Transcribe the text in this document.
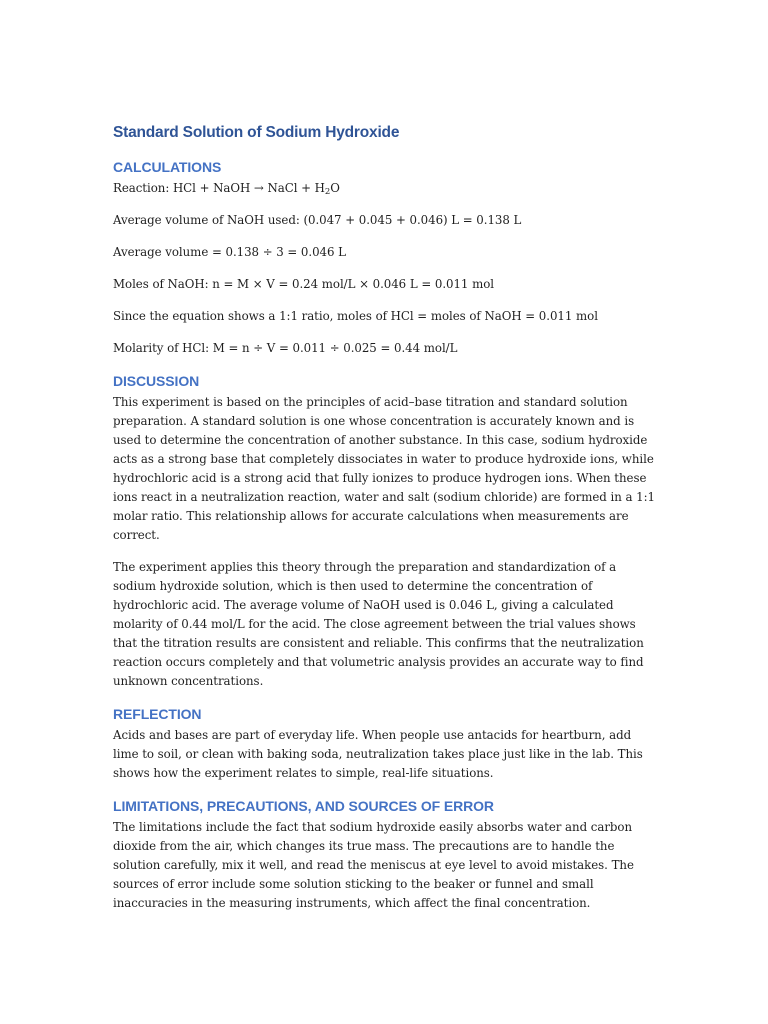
Standard Solution of Sodium Hydroxide
CALCULATIONS

Reaction: HCl + NaOH → NaCl + $H_2O$

Average volume of NaOH used: (0.047 + 0.045 + 0.046) L = 0.138 L

Average volume = 0.138 ÷ 3 = 0.046 L

Moles of NaOH: n = M × V = 0.24 mol/L × 0.046 L = 0.011 mol

Since the equation shows a 1:1 ratio, moles of HCl = moles of NaOH = 0.011 mol

Molarity of HCl: M = n ÷ V = 0.011 ÷ 0.025 = 0.44 mol/L

DISCUSSION

This experiment is based on the principles of acid–base titration and standard solution preparation. A standard solution is one whose concentration is accurately known and is used to determine the concentration of another substance. In this case, sodium hydroxide acts as a strong base that completely dissociates in water to produce hydroxide ions, while hydrochloric acid is a strong acid that fully ionizes to produce hydrogen ions. When these ions react in a neutralization reaction, water and salt (sodium chloride) are formed in a 1:1 molar ratio. This relationship allows for accurate calculations when measurements are correct.

The experiment applies this theory through the preparation and standardization of a sodium hydroxide solution, which is then used to determine the concentration of hydrochloric acid. The average volume of NaOH used is 0.046 L, giving a calculated molarity of 0.44 mol/L for the acid. The close agreement between the trial values shows that the titration results are consistent and reliable. This confirms that the neutralization reaction occurs completely and that volumetric analysis provides an accurate way to find unknown concentrations.

REFLECTION

Acids and bases are part of everyday life. When people use antacids for heartburn, add lime to soil, or clean with baking soda, neutralization takes place just like in the lab. This shows how the experiment relates to simple, real-life situations.

LIMITATIONS, PRECAUTIONS, AND SOURCES OF ERROR

The limitations include the fact that sodium hydroxide easily absorbs water and carbon dioxide from the air, which changes its true mass. The precautions are to handle the solution carefully, mix it well, and read the meniscus at eye level to avoid mistakes. The sources of error include some solution sticking to the beaker or funnel and small inaccuracies in the measuring instruments, which affect the final concentration.
